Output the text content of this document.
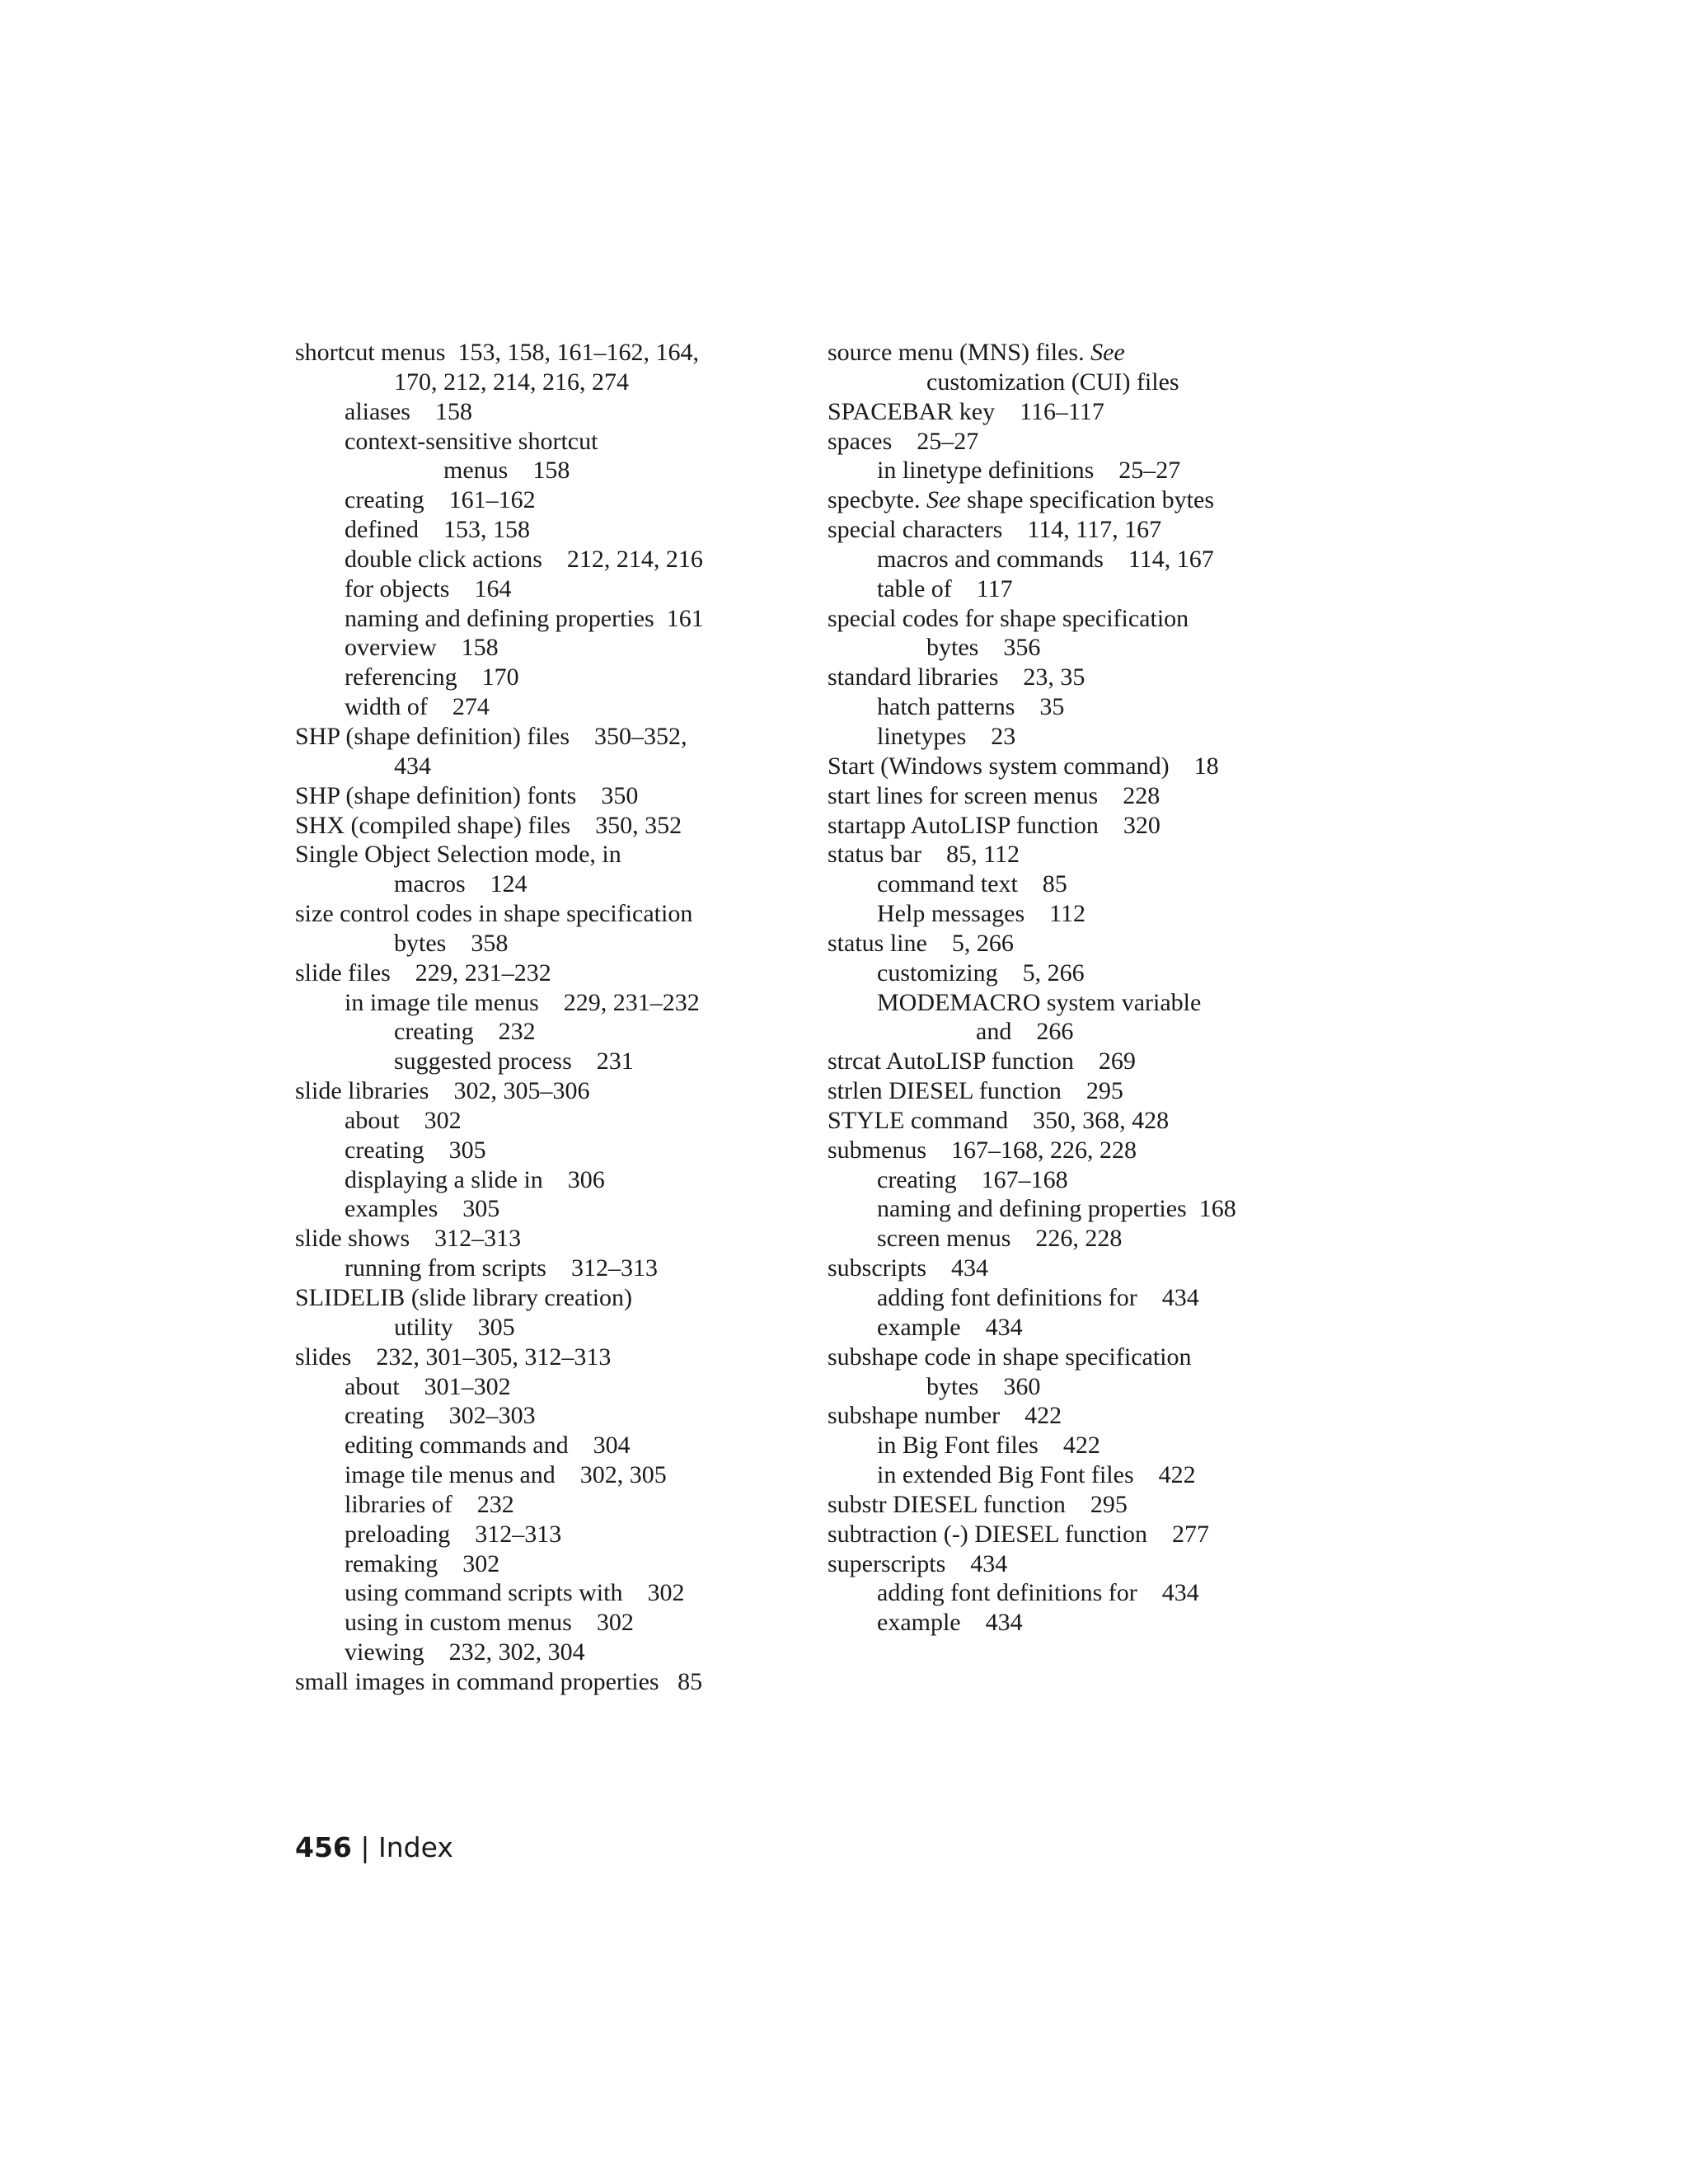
shortcut menus  153, 158, 161–162, 164,
170, 212, 214, 216, 274
aliases    158
context-sensitive shortcut
menus    158
creating    161–162
defined    153, 158
double click actions    212, 214, 216
for objects    164
naming and defining properties  161
overview    158
referencing    170
width of    274
SHP (shape definition) files    350–352,
434
SHP (shape definition) fonts    350
SHX (compiled shape) files    350, 352
Single Object Selection mode, in
macros    124
size control codes in shape specification
bytes    358
slide files    229, 231–232
in image tile menus    229, 231–232
creating    232
suggested process    231
slide libraries    302, 305–306
about    302
creating    305
displaying a slide in    306
examples    305
slide shows    312–313
running from scripts    312–313
SLIDELIB (slide library creation)
utility    305
slides    232, 301–305, 312–313
about    301–302
creating    302–303
editing commands and    304
image tile menus and    302, 305
libraries of    232
preloading    312–313
remaking    302
using command scripts with    302
using in custom menus    302
viewing    232, 302, 304
small images in command properties   85
source menu (MNS) files. See
customization (CUI) files
SPACEBAR key    116–117
spaces    25–27
in linetype definitions    25–27
specbyte. See shape specification bytes
special characters    114, 117, 167
macros and commands    114, 167
table of    117
special codes for shape specification
bytes    356
standard libraries    23, 35
hatch patterns    35
linetypes    23
Start (Windows system command)    18
start lines for screen menus    228
startapp AutoLISP function    320
status bar    85, 112
command text    85
Help messages    112
status line    5, 266
customizing    5, 266
MODEMACRO system variable
and    266
strcat AutoLISP function    269
strlen DIESEL function    295
STYLE command    350, 368, 428
submenus    167–168, 226, 228
creating    167–168
naming and defining properties  168
screen menus    226, 228
subscripts    434
adding font definitions for    434
example    434
subshape code in shape specification
bytes    360
subshape number    422
in Big Font files    422
in extended Big Font files    422
substr DIESEL function    295
subtraction (-) DIESEL function    277
superscripts    434
adding font definitions for    434
example    434
456 | Index
